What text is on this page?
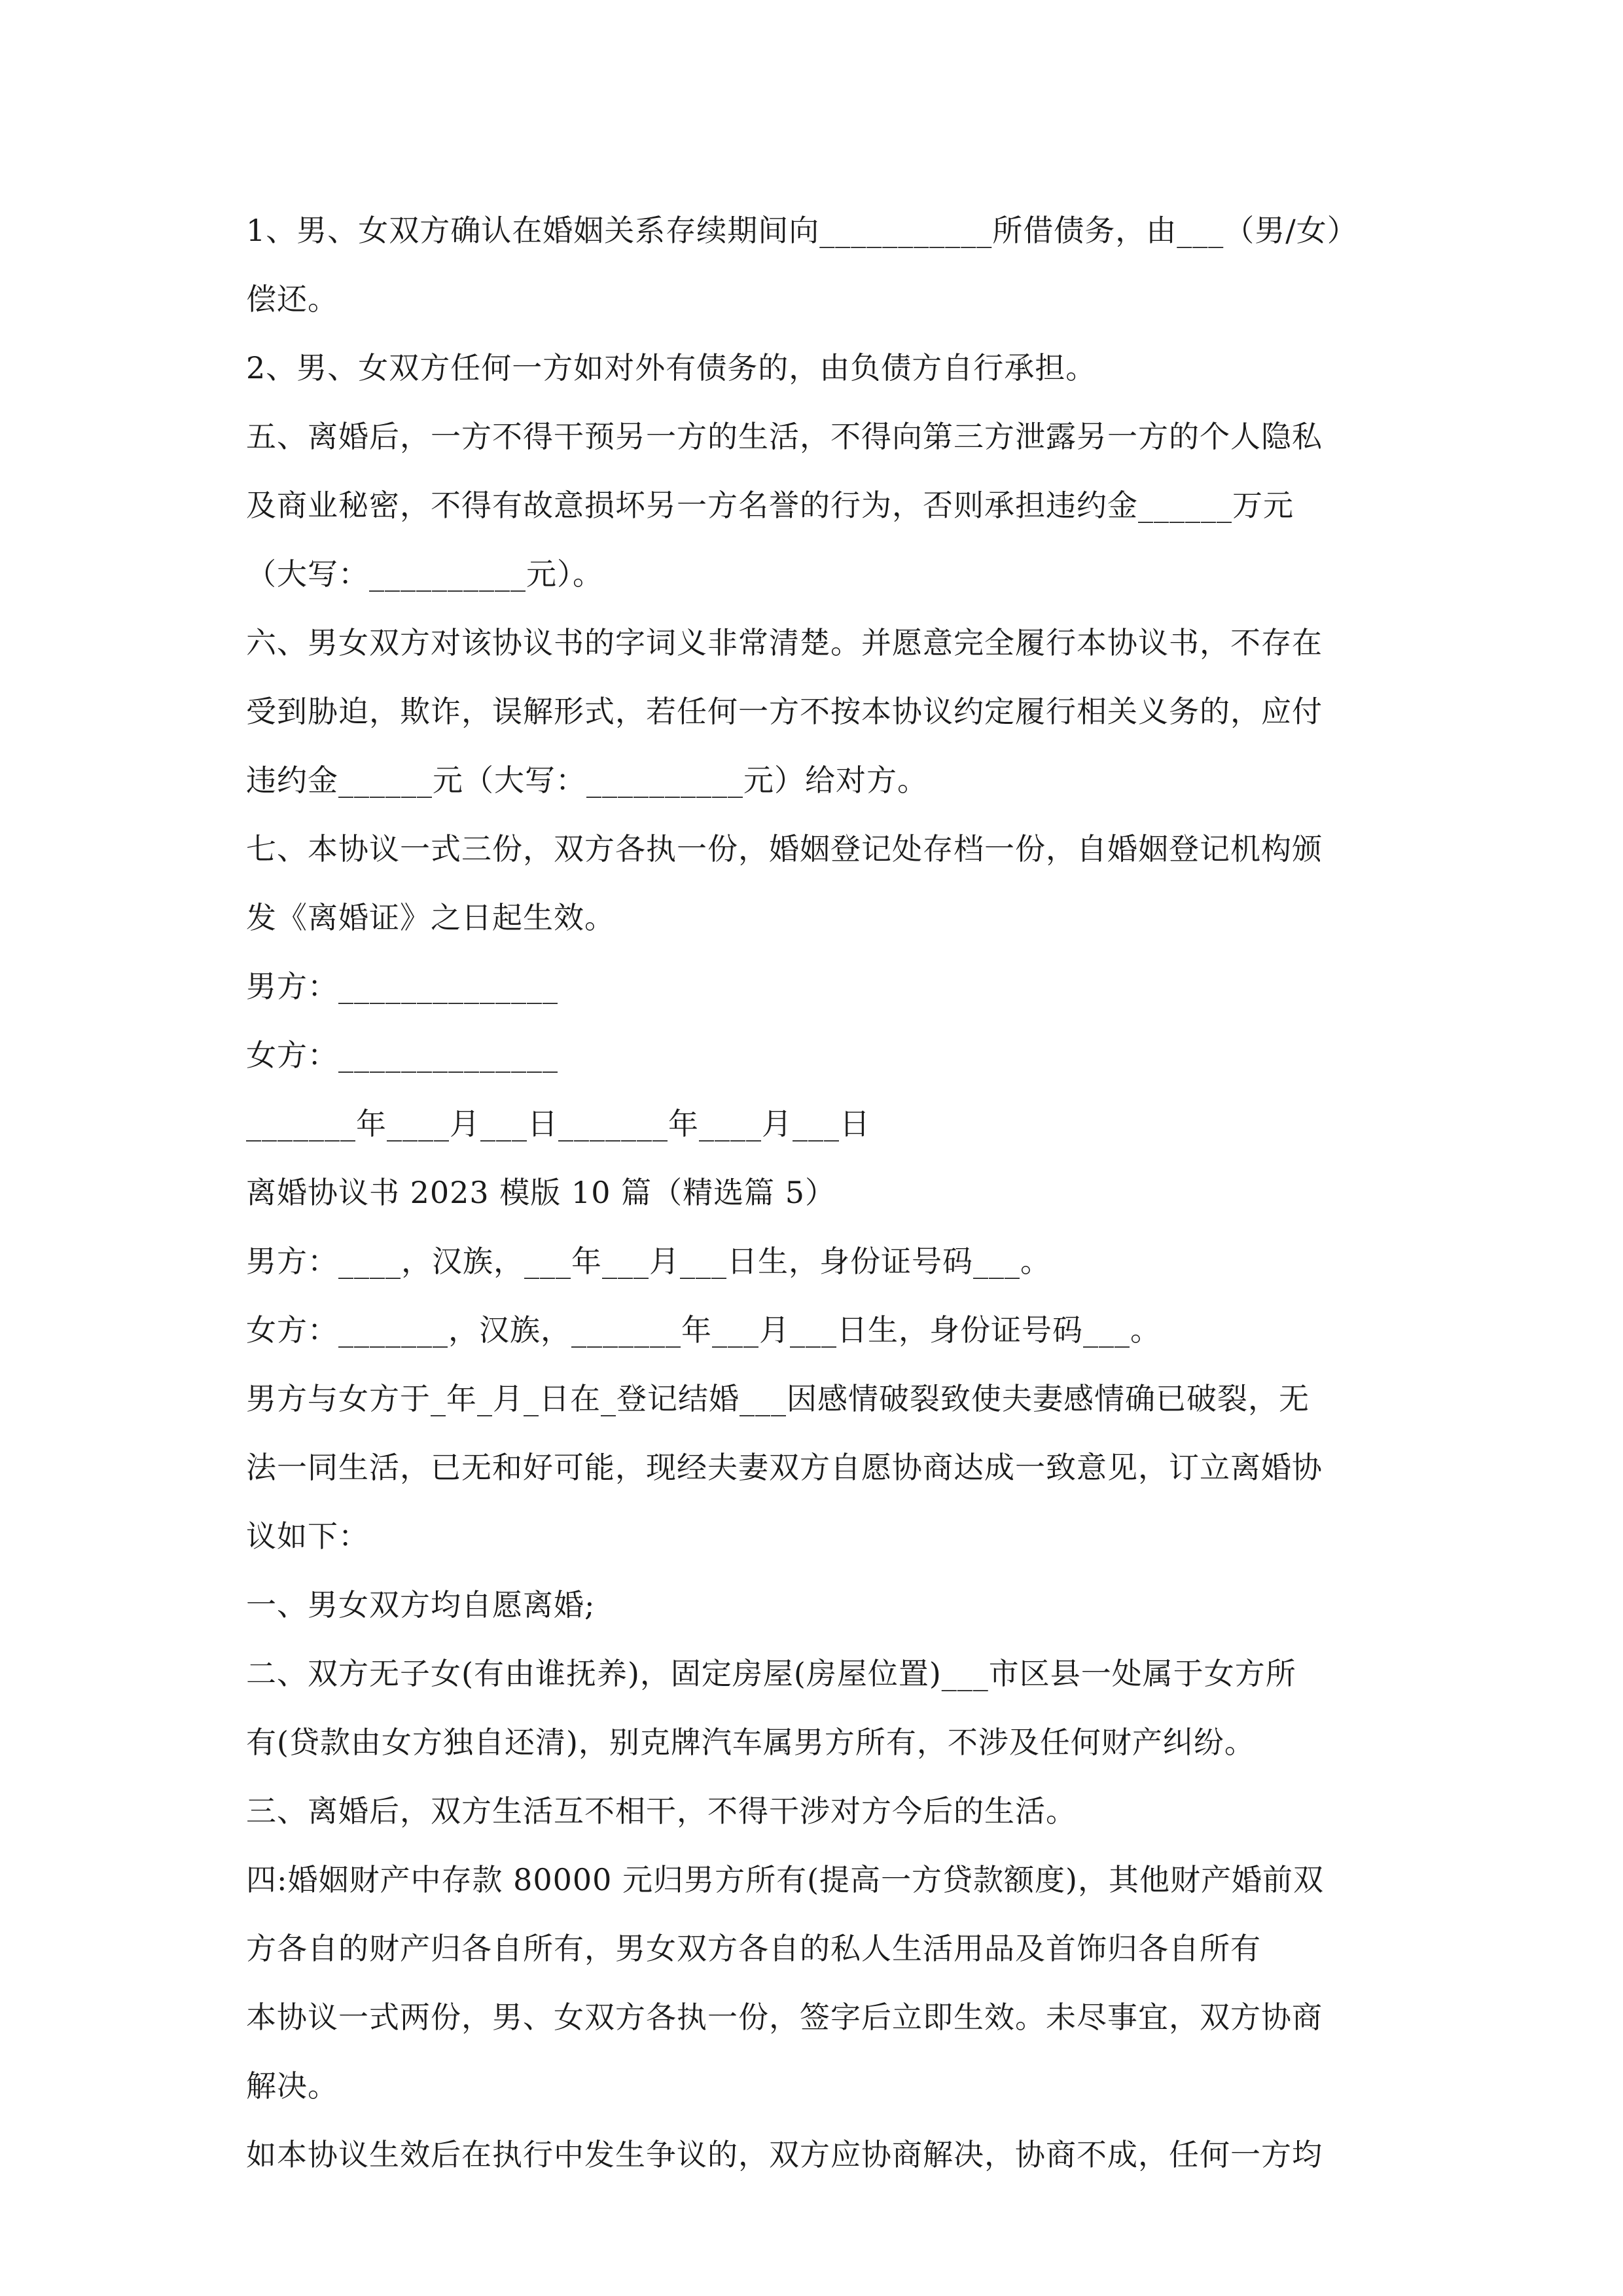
1、男、女双方确认在婚姻关系存续期间向___________所借债务，由___（男/女）
偿还。
2、男、女双方任何一方如对外有债务的，由负债方自行承担。
五、离婚后，一方不得干预另一方的生活，不得向第三方泄露另一方的个人隐私
及商业秘密，不得有故意损坏另一方名誉的行为，否则承担违约金______万元
（大写：__________元）。
六、男女双方对该协议书的字词义非常清楚。并愿意完全履行本协议书，不存在
受到胁迫，欺诈，误解形式，若任何一方不按本协议约定履行相关义务的，应付
违约金______元（大写：__________元）给对方。
七、本协议一式三份，双方各执一份，婚姻登记处存档一份，自婚姻登记机构颁
发《离婚证》之日起生效。
男方：______________
女方：______________
_______年____月___日_______年____月___日
离婚协议书 2023 模版 10 篇（精选篇 5）
男方：____，汉族，___年___月___日生，身份证号码___。
女方：_______，汉族，_______年___月___日生，身份证号码___。
男方与女方于_年_月_日在_登记结婚___因感情破裂致使夫妻感情确已破裂，无
法一同生活，已无和好可能，现经夫妻双方自愿协商达成一致意见，订立离婚协
议如下：
一、男女双方均自愿离婚;
二、双方无子女(有由谁抚养)，固定房屋(房屋位置)___市区县一处属于女方所
有(贷款由女方独自还清)，别克牌汽车属男方所有，不涉及任何财产纠纷。
三、离婚后，双方生活互不相干，不得干涉对方今后的生活。
四:婚姻财产中存款 80000 元归男方所有(提高一方贷款额度)，其他财产婚前双
方各自的财产归各自所有，男女双方各自的私人生活用品及首饰归各自所有
本协议一式两份，男、女双方各执一份，签字后立即生效。未尽事宜，双方协商
解决。
如本协议生效后在执行中发生争议的，双方应协商解决，协商不成，任何一方均
